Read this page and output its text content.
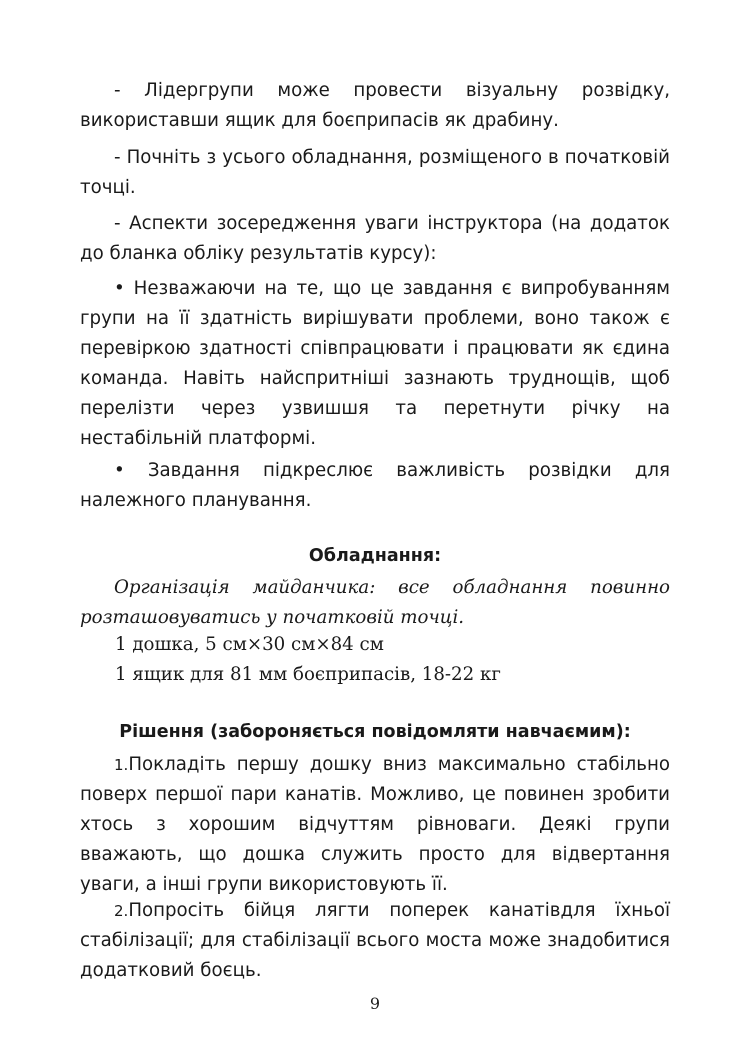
- Лідергрупи може провести візуальну розвідку, використавши ящик для боєприпасів як драбину.

- Почніть з усього обладнання, розміщеного в початковій точці.

- Аспекти зосередження уваги інструктора (на додаток до бланка обліку результатів курсу):

• Незважаючи на те, що це завдання є випробуванням групи на її здатність вирішувати проблеми, воно також є перевіркою здатності співпрацювати і працювати як єдина команда. Навіть найспритніші зазнають труднощів, щоб перелізти через узвишшя та перетнути річку на нестабільній платформі.

• Завдання підкреслює важливість розвідки для належного планування.

Обладнання:

Організація майданчика: все обладнання повинно розташовуватись у початковій точці.

1 дошка, 5 см×30 см×84 см

1 ящик для 81 мм боєприпасів, 18-22 кг

Рішення (забороняється повідомляти навчаємим):

1.Покладіть першу дошку вниз максимально стабільно поверх першої пари канатів. Можливо, це повинен зробити хтось з хорошим відчуттям рівноваги. Деякі групи вважають, що дошка служить просто для відвертання уваги, а інші групи використовують її.

2.Попросіть бійця лягти поперек канатівдля їхньої стабілізації; для стабілізації всього моста може знадобитися додатковий боєць.

9
